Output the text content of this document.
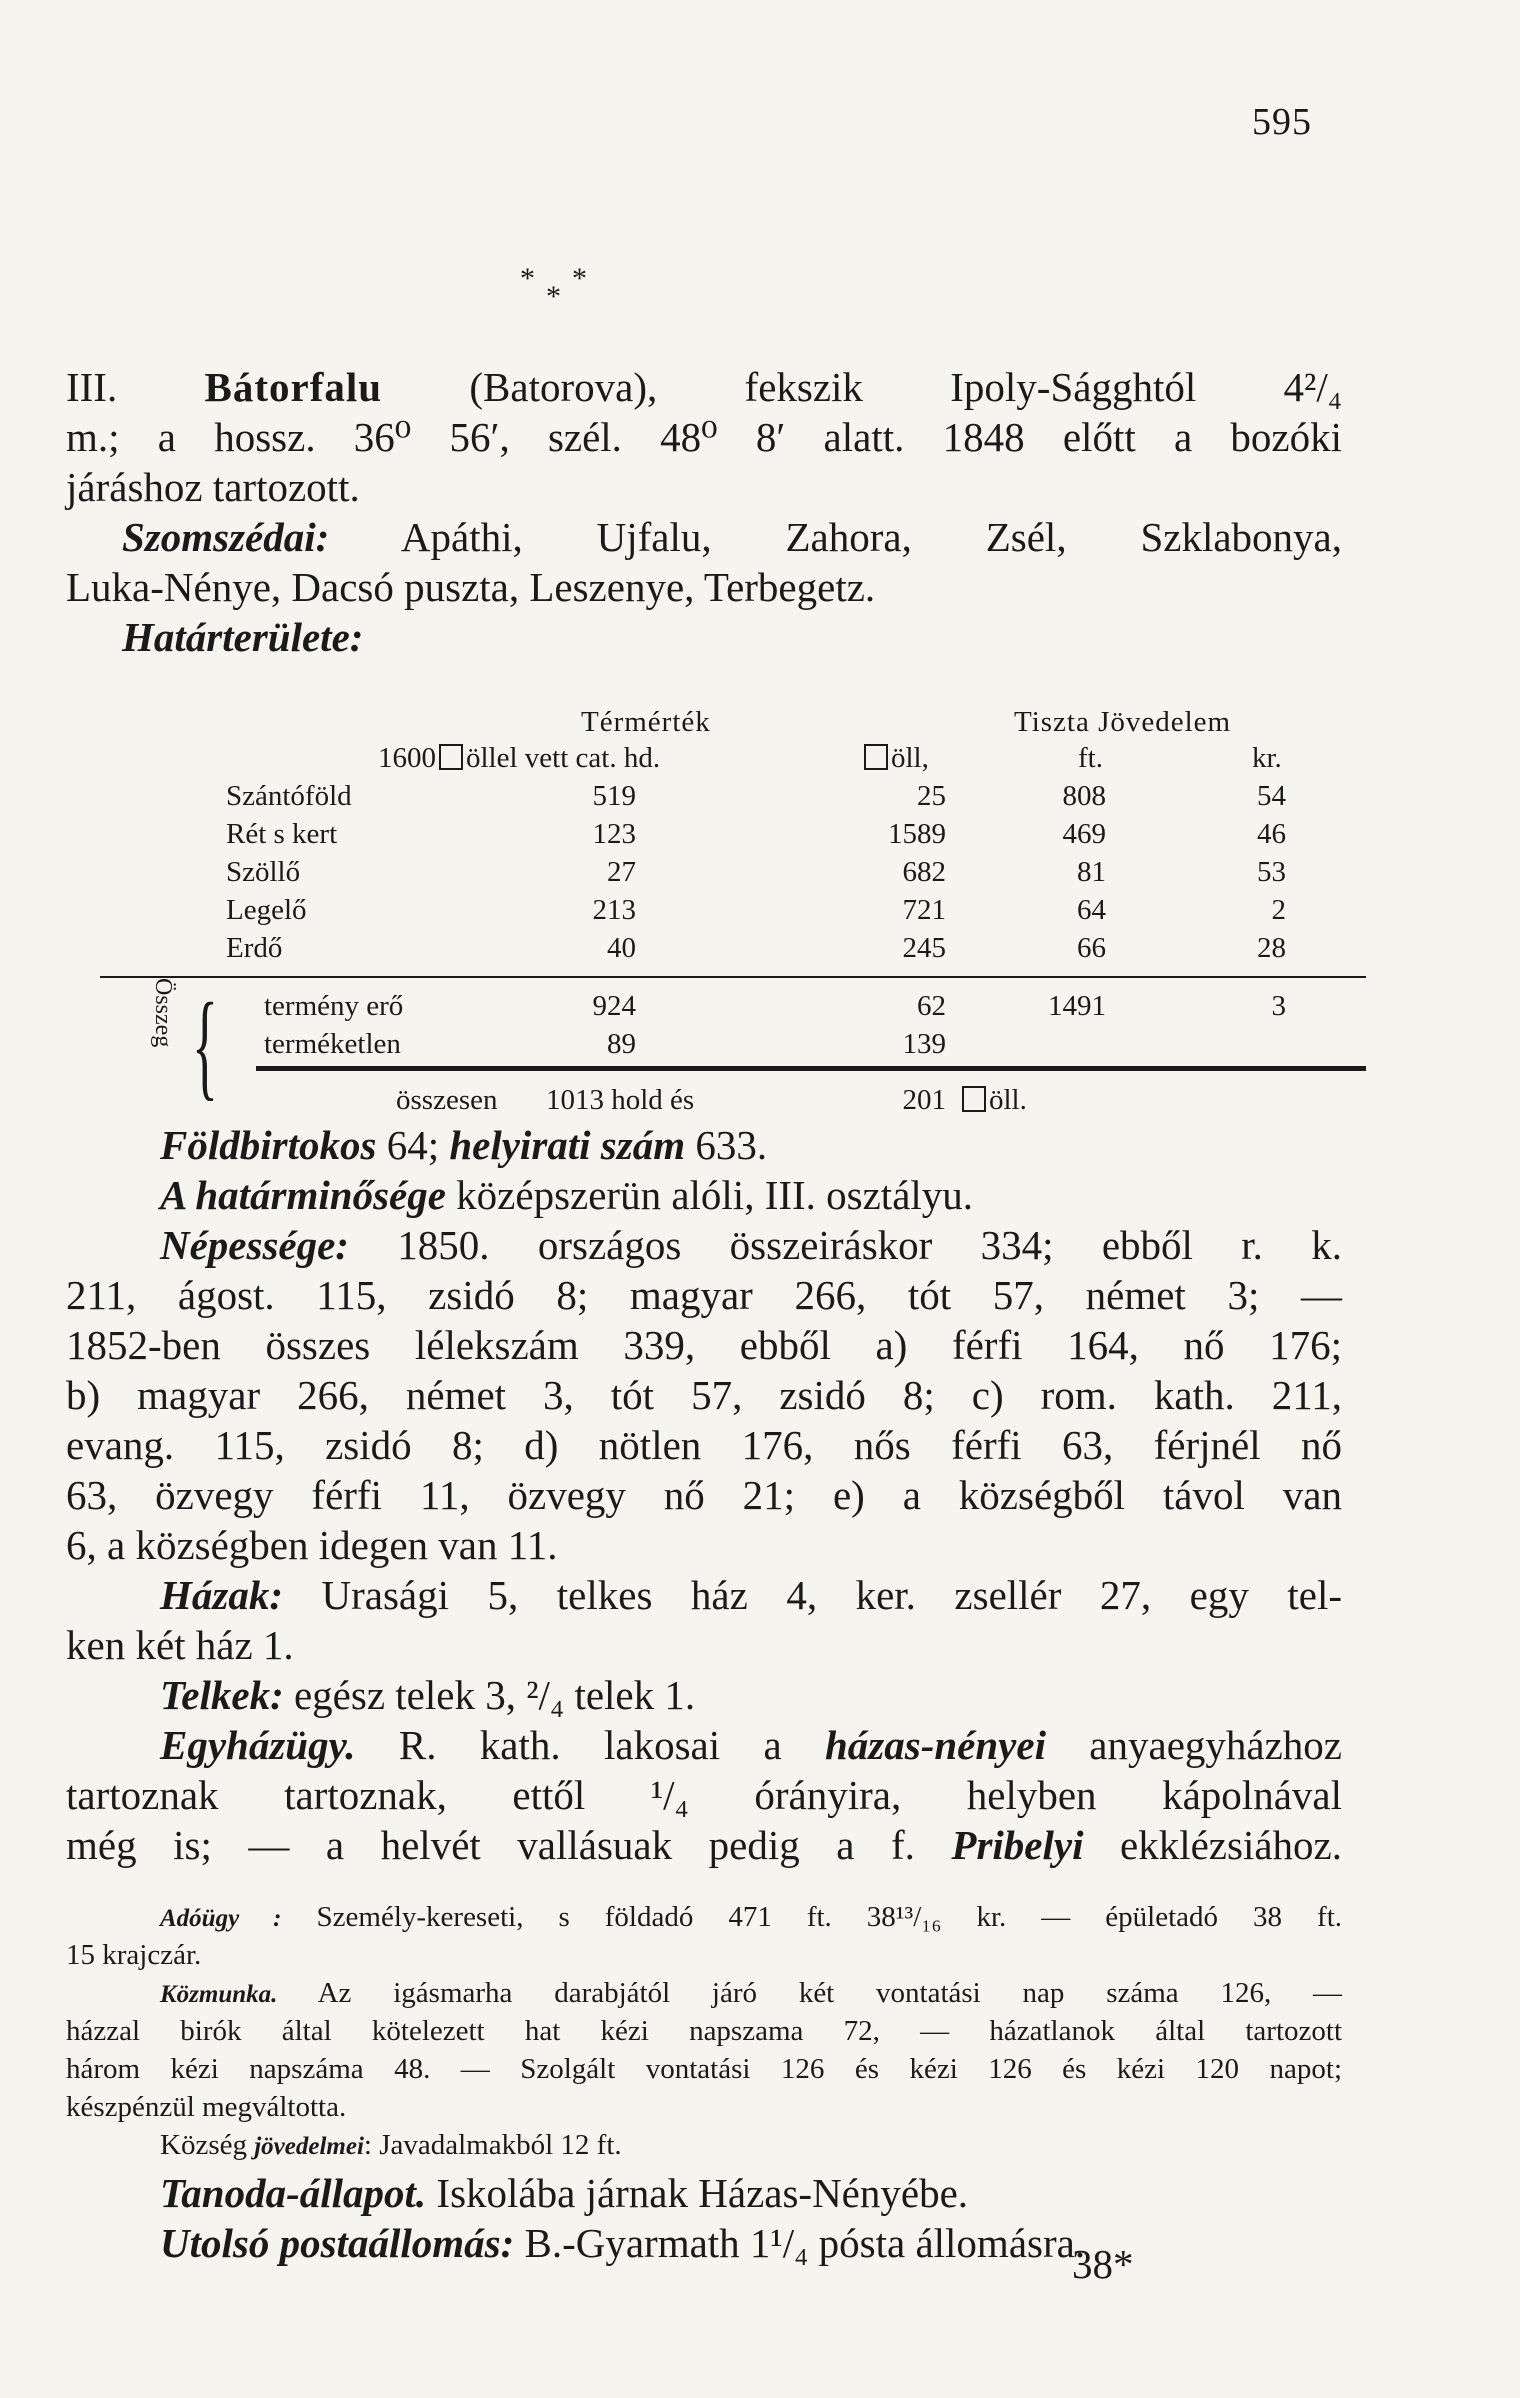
595
* *
*
III. Bátorfalu (Batorova), fekszik Ipoly-Ságghtól 4²/₄
m.; a hossz. 36⁰ 56′, szél. 48⁰ 8′ alatt. 1848 előtt a bozóki
járáshoz tartozott.
Szomszédai: Apáthi, Ujfalu, Zahora, Zsél, Szklabonya,
Luka-Nénye, Dacsó puszta, Leszenye, Terbegetz.
Határterülete:
Térmérték	Tiszta Jövedelem
1600 öllel vett cat. hd.	öll,	ft.	kr.
Szántóföld	519	25	808	54
Rét s kert	123	1589	469	46
Szöllő	27	682	81	53
Legelő	213	721	64	2
Erdő	40	245	66	28
termény erő	924	62	1491	3
terméketlen	89	139
összesen 1013 hold és	201	öll.
Összeg {
Földbirtokos 64; helyirati szám 633.
A határminősége középszerün alóli, III. osztályu.
Népessége: 1850. országos összeiráskor 334; ebből r. k.
211, ágost. 115, zsidó 8; magyar 266, tót 57, német 3; —
1852-ben összes lélekszám 339, ebből a) férfi 164, nő 176;
b) magyar 266, német 3, tót 57, zsidó 8; c) rom. kath. 211,
evang. 115, zsidó 8; d) nötlen 176, nős férfi 63, férjnél nő
63, özvegy férfi 11, özvegy nő 21; e) a községből távol van
6, a községben idegen van 11.
Házak: Urasági 5, telkes ház 4, ker. zsellér 27, egy tel-
ken két ház 1.
Telkek: egész telek 3, ²/₄ telek 1.
Egyházügy. R. kath. lakosai a házas-nényei anyaegyházhoz
tartoznak tartoznak, ettől ¹/₄ órányira, helyben kápolnával
még is; — a helvét vallásuak pedig a f. Pribelyi ekklézsiához.
Adóügy : Személy-kereseti, s földadó 471 ft. 38¹³/₁₆ kr. — épületadó 38 ft.
15 krajczár.
Közmunka. Az igásmarha darabjától járó két vontatási nap száma 126, —
házzal birók által kötelezett hat kézi napszama 72, — házatlanok által tartozott
három kézi napszáma 48. — Szolgált vontatási 126 és kézi 126 és kézi 120 napot;
készpénzül megváltotta.
Község jövedelmei: Javadalmakból 12 ft.
Tanoda-állapot. Iskolába járnak Házas-Nényébe.
Utolsó postaállomás: B.-Gyarmath 1¹/₄ pósta állomásra.
38*
